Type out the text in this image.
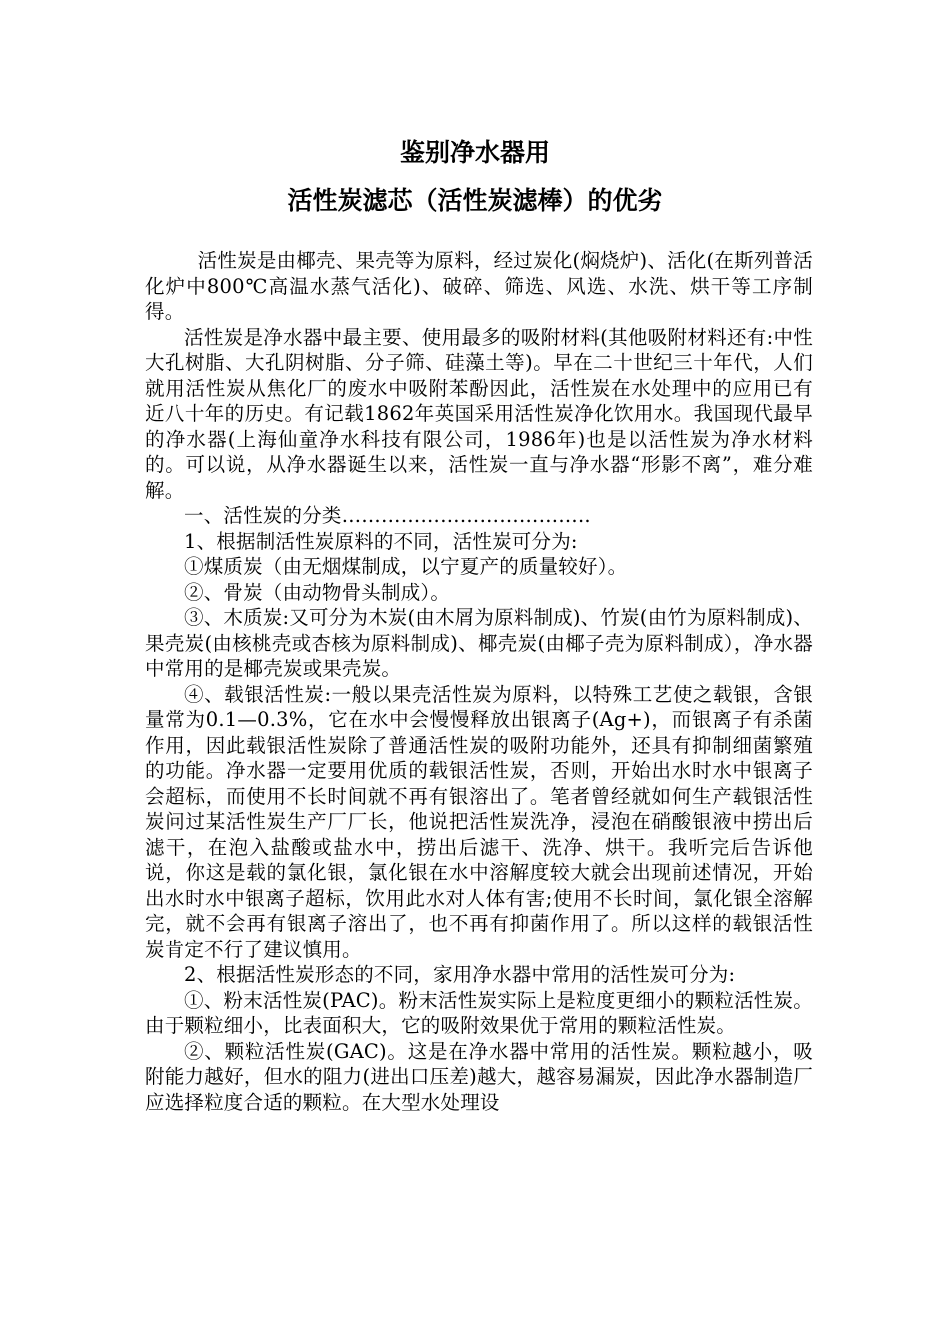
鉴别净水器用
活性炭滤芯（活性炭滤棒）的优劣

活性炭是由椰壳、果壳等为原料，经过炭化(焖烧炉)、活化(在斯列普活化炉中800℃高温水蒸气活化)、破碎、筛选、风选、水洗、烘干等工序制得。

活性炭是净水器中最主要、使用最多的吸附材料(其他吸附材料还有:中性大孔树脂、大孔阴树脂、分子筛、硅藻土等)。早在二十世纪三十年代，人们就用活性炭从焦化厂的废水中吸附苯酚因此，活性炭在水处理中的应用已有近八十年的历史。有记载1862年英国采用活性炭净化饮用水。我国现代最早的净水器(上海仙童净水科技有限公司，1986年)也是以活性炭为净水材料的。可以说，从净水器诞生以来，活性炭一直与净水器“形影不离”，难分难解。

一、活性炭的分类………………………………..

1、根据制活性炭原料的不同，活性炭可分为:

①煤质炭（由无烟煤制成，以宁夏产的质量较好）。

②、骨炭（由动物骨头制成）。

③、木质炭:又可分为木炭(由木屑为原料制成)、竹炭(由竹为原料制成)、果壳炭(由核桃壳或杏核为原料制成)、椰壳炭(由椰子壳为原料制成），净水器中常用的是椰壳炭或果壳炭。

④、载银活性炭:一般以果壳活性炭为原料，以特殊工艺使之载银，含银量常为0.1—0.3%，它在水中会慢慢释放出银离子(Ag+)，而银离子有杀菌作用，因此载银活性炭除了普通活性炭的吸附功能外，还具有抑制细菌繁殖的功能。净水器一定要用优质的载银活性炭，否则，开始出水时水中银离子会超标，而使用不长时间就不再有银溶出了。笔者曾经就如何生产载银活性炭问过某活性炭生产厂厂长，他说把活性炭洗净，浸泡在硝酸银液中捞出后滤干，在泡入盐酸或盐水中，捞出后滤干、洗净、烘干。我听完后告诉他说，你这是载的氯化银，氯化银在水中溶解度较大就会出现前述情况，开始出水时水中银离子超标，饮用此水对人体有害;使用不长时间，氯化银全溶解完，就不会再有银离子溶出了，也不再有抑菌作用了。所以这样的载银活性炭肯定不行了建议慎用。

2、根据活性炭形态的不同，家用净水器中常用的活性炭可分为:

①、粉末活性炭(PAC)。粉末活性炭实际上是粒度更细小的颗粒活性炭。由于颗粒细小，比表面积大，它的吸附效果优于常用的颗粒活性炭。

②、颗粒活性炭(GAC)。这是在净水器中常用的活性炭。颗粒越小，吸附能力越好，但水的阻力(进出口压差)越大，越容易漏炭，因此净水器制造厂应选择粒度合适的颗粒。在大型水处理设
